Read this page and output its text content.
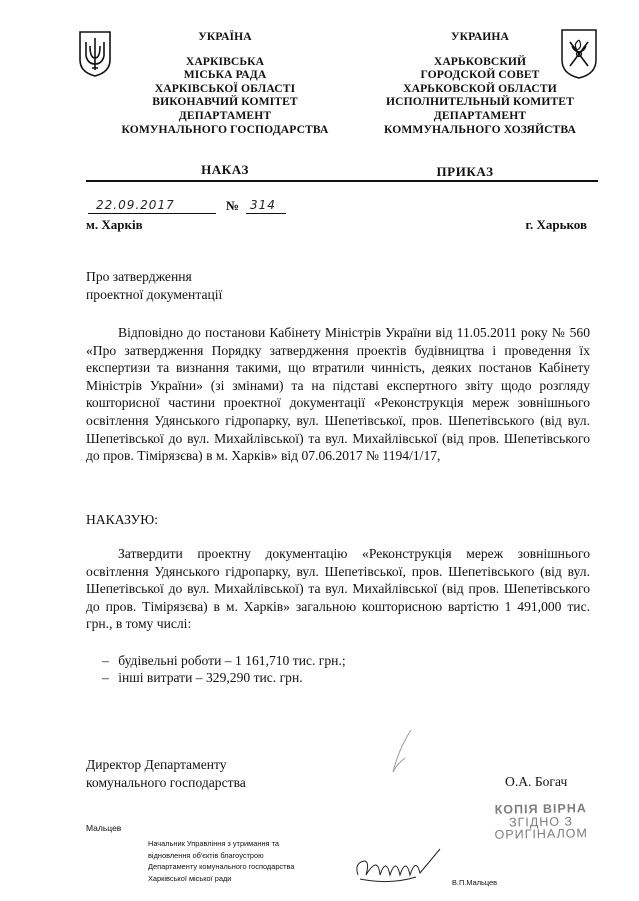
УКРАЇНА
ХАРКІВСЬКА
МІСЬКА РАДА
ХАРКІВСЬКОЇ ОБЛАСТІ
ВИКОНАВЧИЙ КОМІТЕТ
ДЕПАРТАМЕНТ
КОМУНАЛЬНОГО ГОСПОДАРСТВА
УКРАИНА
ХАРЬКОВСКИЙ
ГОРОДСКОЙ СОВЕТ
ХАРЬКОВСКОЙ ОБЛАСТИ
ИСПОЛНИТЕЛЬНЫЙ КОМИТЕТ
ДЕПАРТАМЕНТ
КОММУНАЛЬНОГО ХОЗЯЙСТВА
НАКАЗ	ПРИКАЗ
22.09.2017	№ 314
м. Харків	г. Харьков
Про затвердження
проектної документації
Відповідно до постанови Кабінету Міністрів України від 11.05.2011 року № 560 «Про затвердження Порядку затвердження проектів будівництва і проведення їх експертизи та визнання такими, що втратили чинність, деяких постанов Кабінету Міністрів України» (зі змінами) та на підставі експертного звіту щодо розгляду кошторисної частини проектної документації «Реконструкція мереж зовнішнього освітлення Удянського гідропарку, вул. Шепетівської, пров. Шепетівського (від вул. Шепетівської до вул. Михайлівської) та вул. Михайлівської (від пров. Шепетівського до пров. Тімірязєва) в м. Харків» від 07.06.2017 № 1194/1/17,
НАКАЗУЮ:
Затвердити проектну документацію «Реконструкція мереж зовнішнього освітлення Удянського гідропарку, вул. Шепетівської, пров. Шепетівського (від вул. Шепетівської до вул. Михайлівської) та вул. Михайлівської (від пров. Шепетівського до пров. Тімірязєва) в м. Харків» загальною кошторисною вартістю 1 491,000 тис. грн., в тому числі:
– будівельні роботи – 1 161,710 тис. грн.;
– інші витрати – 329,290 тис. грн.
Директор Департаменту
комунального господарства	О.А. Богач
КОПІЯ ВІРНА
ЗГІДНО З
ОРИГІНАЛОМ
Мальцев
Начальник Управління з утримання та
відновлення об'єктів благоустрою
Департаменту комунального господарства
Харківської міської ради	В.П.Мальцев
